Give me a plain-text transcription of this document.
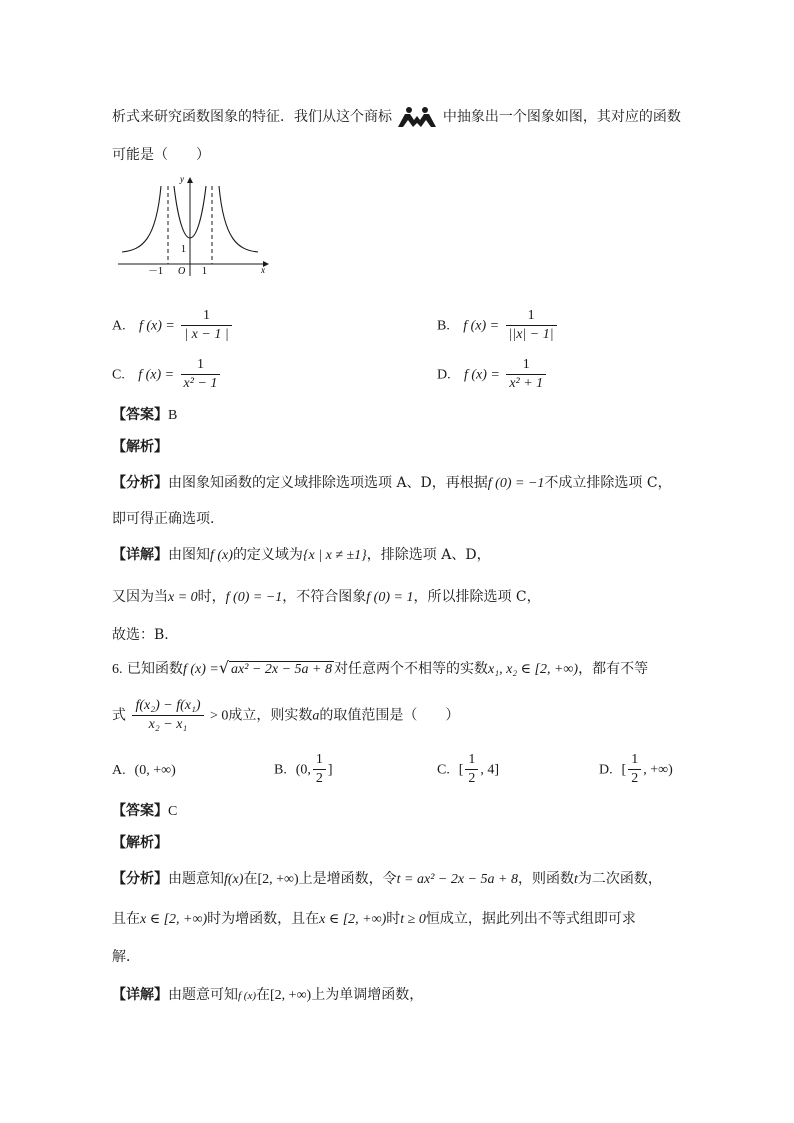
析式来研究函数图象的特征．我们从这个商标	中抽象出一个图象如图，其对应的函数
可能是（　　）
y
x
O
－1	1
1
A. f $(x) = \frac{1}{| x - 1 |}$	B. f $(x) = \frac{1}{||x| - 1|}$
C. f $(x) = \frac{1}{\text{x² − 1}}$	D. f $(x) = \frac{1}{\text{x² + 1}}$
【答案】B
【解析】
【分析】由图象知函数的定义域排除选项选项 A、D，再根据f (0) = −1不成立排除选项 C，
即可得正确选项.
【详解】由图知f (x)的定义域为{x | x ≠ ±1}，排除选项 A、D，
又因为当x = 0时，f (0) = −1，不符合图象f (0) = 1，所以排除选项 C，
故选：B.
6. 已知函数f (x) =√ ax² − 2x − 5a + 8 对任意两个不相等的实数x₁, x₂ ∈ [2, +∞)，都有不等
式 $\frac{\text{f(x₂) − f(x₁)}}{\text{x₂ − x₁}} > 0$成立，则实数a的取值范围是（　　）
A. (0, +∞)	B. (0, $\frac{1}{2}$ ]	C. [ $\frac{1}{2}$ , 4]	D. [ $\frac{1}{2}$ , +∞)
【答案】C
【解析】
【分析】由题意知f(x)在[2, +∞)上是增函数，令t = ax² − 2x − 5a + 8，则函数t为二次函数，
且在x ∈ [2, +∞)时为增函数，且在x ∈ [2, +∞)时t ≥ 0恒成立，据此列出不等式组即可求
解．
【详解】由题意可知f (x)在[2, +∞)上为单调增函数，
